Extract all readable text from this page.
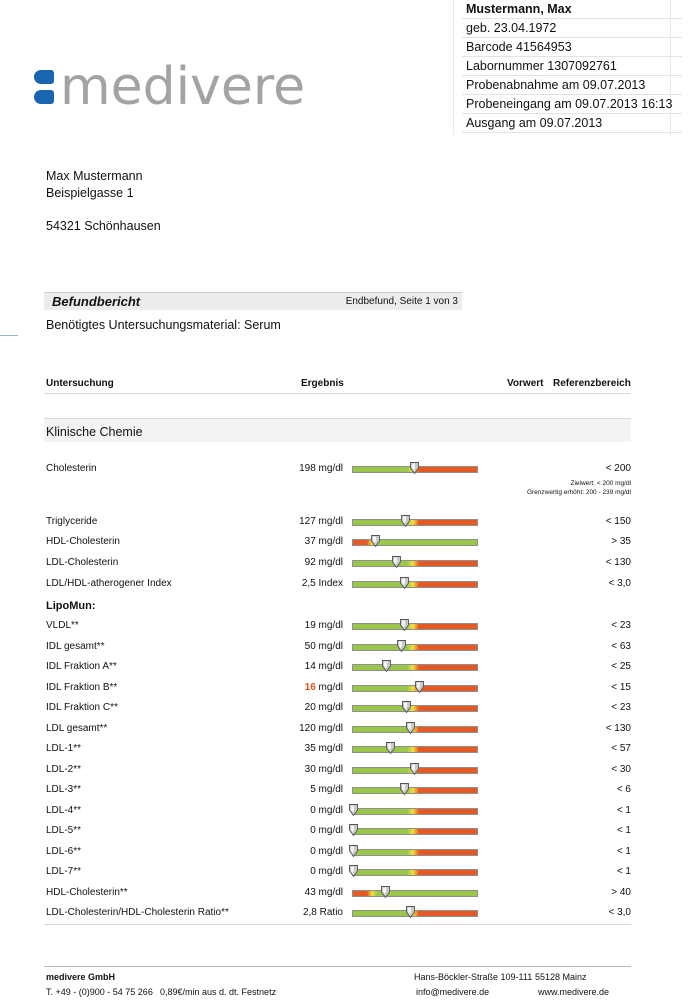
medivere
Mustermann, Max
geb. 23.04.1972
Barcode 41564953
Labornummer 1307092761
Probenabnahme am 09.07.2013
Probeneingang am 09.07.2013 16:13
Ausgang am 09.07.2013
Max Mustermann
Beispielgasse 1
54321 Schönhausen
Befundbericht	Endbefund, Seite 1 von 3
Benötigtes Untersuchungsmaterial: Serum
Untersuchung	Ergebnis	Vorwert Referenzbereich
Klinische Chemie
Zielwert: < 200 mg/dl
Grenzwertig erhöht: 200 - 239 mg/dl
LipoMun:
Cholesterin	198 mg/dl	< 200
Triglyceride	127 mg/dl	< 150
HDL-Cholesterin	37 mg/dl	> 35
LDL-Cholesterin	92 mg/dl	< 130
LDL/HDL-atherogener Index	2,5 Index	< 3,0
VLDL**	19 mg/dl	< 23
IDL gesamt**	50 mg/dl	< 63
IDL Fraktion A**	14 mg/dl	< 25
IDL Fraktion B**	16 mg/dl	< 15
IDL Fraktion C**	20 mg/dl	< 23
LDL gesamt**	120 mg/dl	< 130
LDL-1**	35 mg/dl	< 57
LDL-2**	30 mg/dl	< 30
LDL-3**	5 mg/dl	< 6
LDL-4**	0 mg/dl	< 1
LDL-5**	0 mg/dl	< 1
LDL-6**	0 mg/dl	< 1
LDL-7**	0 mg/dl	< 1
HDL-Cholesterin**	43 mg/dl	> 40
LDL-Cholesterin/HDL-Cholesterin Ratio**	2,8 Ratio	< 3,0
medivere GmbH	Hans-Böckler-Straße 109-111 55128 Mainz
T. +49 - (0)900 - 54 75 266 0,89€/min aus d. dt. Festnetz	info@medivere.de	www.medivere.de
